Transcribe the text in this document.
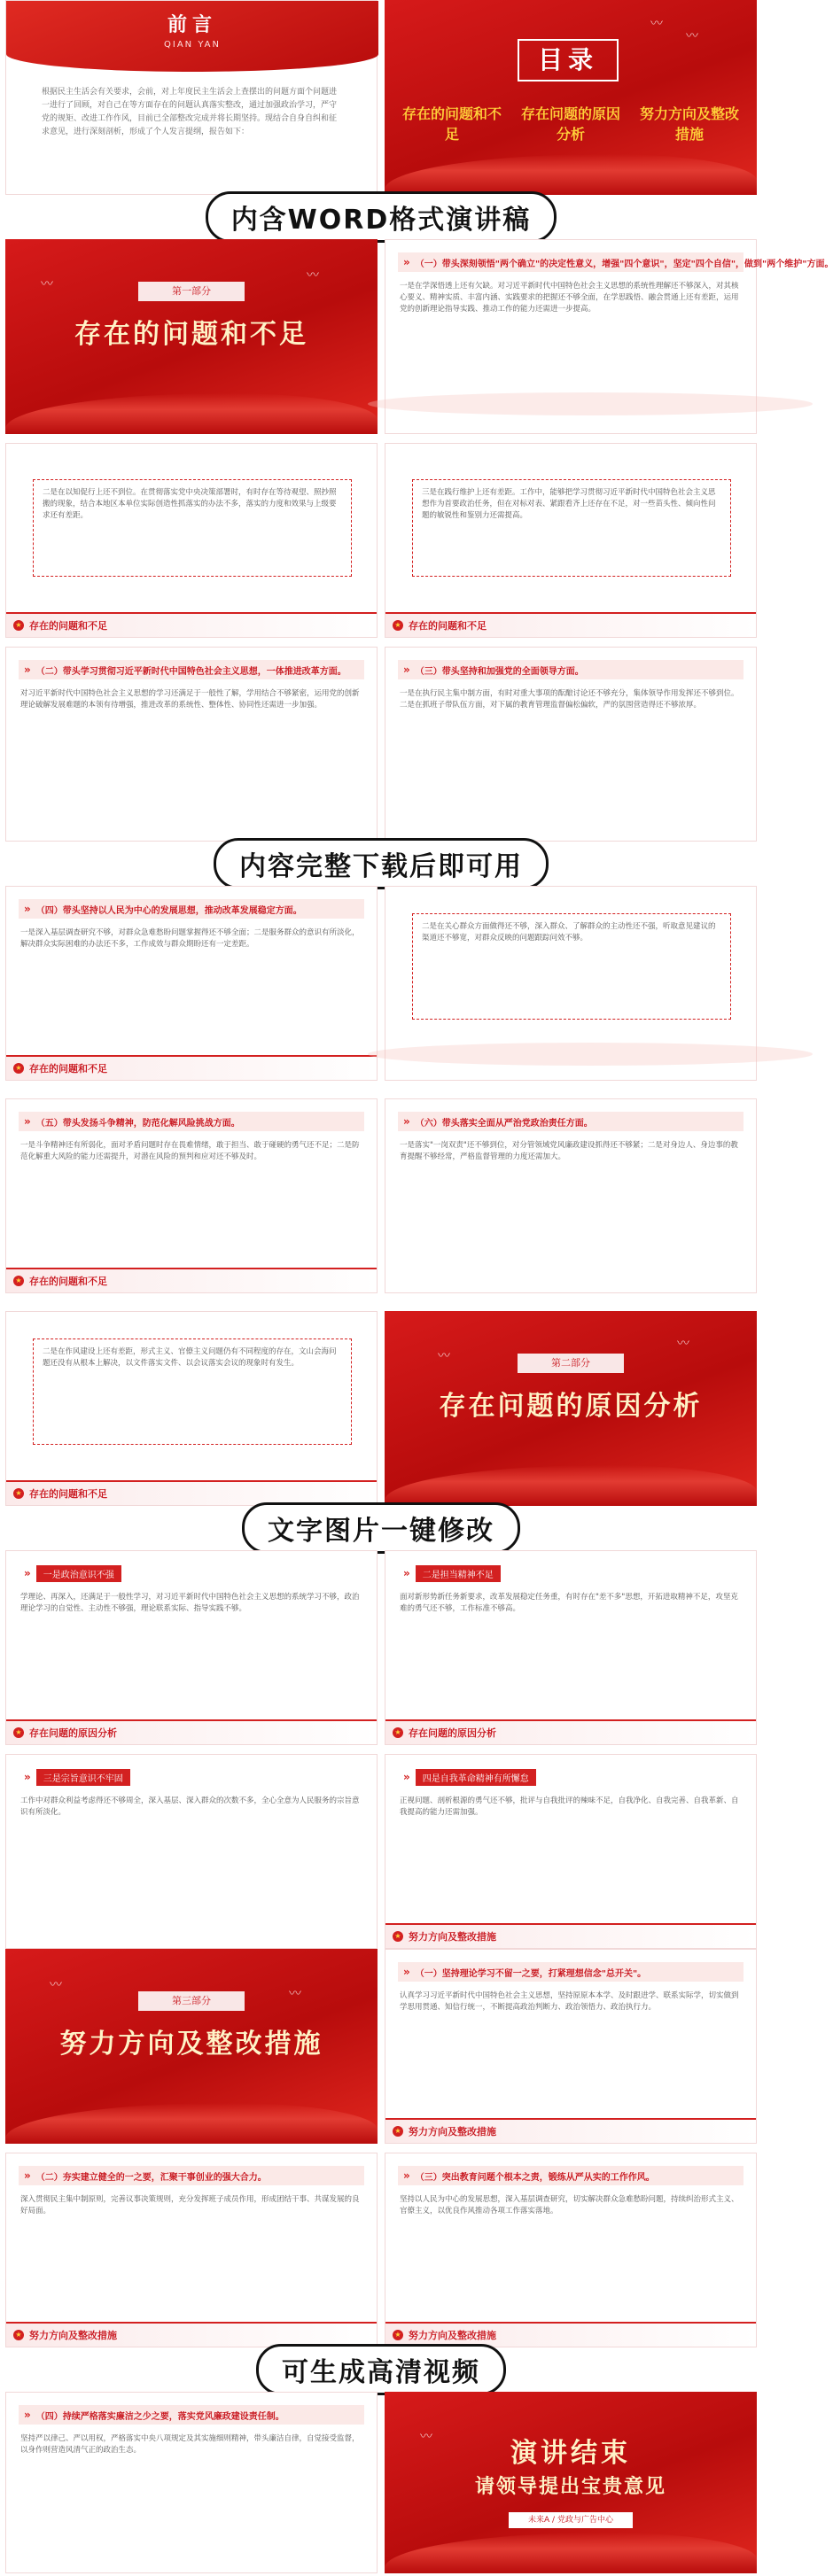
前言
QIAN YAN
根据民主生活会有关要求，会前，对上年度民主生活会上查摆出的问题方面个问题进一进行了回顾，对自己在等方面存在的问题认真落实整改，通过加强政治学习，严守党的规矩、改进工作作风，目前已全部整改完成并将长期坚持。现结合自身自纠和征求意见，进行深刻剖析，形成了个人发言提纲，报告如下：
〰
〰
目录
存在的问题和不足
存在问题的原因分析
努力方向及整改措施
内含WORD格式演讲稿
〰
〰
第一部分
存在的问题和不足
» （一）带头深刻领悟"两个确立"的决定性意义，增强"四个意识"，坚定"四个自信"，做到"两个维护"方面。
一是在学深悟透上还有欠缺。对习近平新时代中国特色社会主义思想的系统性理解还不够深入，对其核心要义、精神实质、丰富内涵、实践要求的把握还不够全面，在学思践悟、融会贯通上还有差距，运用党的创新理论指导实践、推动工作的能力还需进一步提高。
二是在以知促行上还不到位。在贯彻落实党中央决策部署时，有时存在等待观望、照抄照搬的现象，结合本地区本单位实际创造性抓落实的办法不多，落实的力度和效果与上级要求还有差距。
★ 存在的问题和不足
三是在践行维护上还有差距。工作中，能够把学习贯彻习近平新时代中国特色社会主义思想作为首要政治任务，但在对标对表、紧跟看齐上还存在不足，对一些苗头性、倾向性问题的敏锐性和鉴别力还需提高。
★ 存在的问题和不足
» （二）带头学习贯彻习近平新时代中国特色社会主义思想，一体推进改革方面。
对习近平新时代中国特色社会主义思想的学习还满足于一般性了解，学用结合不够紧密，运用党的创新理论破解发展难题的本领有待增强，推进改革的系统性、整体性、协同性还需进一步加强。
» （三）带头坚持和加强党的全面领导方面。
一是在执行民主集中制方面，有时对重大事项的酝酿讨论还不够充分，集体领导作用发挥还不够到位。二是在抓班子带队伍方面，对下属的教育管理监督偏松偏软，严的氛围营造得还不够浓厚。
内容完整下载后即可用
» （四）带头坚持以人民为中心的发展思想，推动改革发展稳定方面。
一是深入基层调查研究不够，对群众急难愁盼问题掌握得还不够全面；二是服务群众的意识有所淡化，解决群众实际困难的办法还不多，工作成效与群众期盼还有一定差距。
★ 存在的问题和不足
二是在关心群众方面做得还不够，深入群众、了解群众的主动性还不强，听取意见建议的渠道还不够宽，对群众反映的问题跟踪问效不够。
» （五）带头发扬斗争精神，防范化解风险挑战方面。
一是斗争精神还有所弱化，面对矛盾问题时存在畏难情绪，敢于担当、敢于碰硬的勇气还不足；二是防范化解重大风险的能力还需提升，对潜在风险的预判和应对还不够及时。
★ 存在的问题和不足
» （六）带头落实全面从严治党政治责任方面。
一是落实"一岗双责"还不够到位，对分管领域党风廉政建设抓得还不够紧；二是对身边人、身边事的教育提醒不够经常，严格监督管理的力度还需加大。
二是在作风建设上还有差距，形式主义、官僚主义问题仍有不同程度的存在，文山会海问题还没有从根本上解决，以文件落实文件、以会议落实会议的现象时有发生。
★ 存在的问题和不足
〰
〰
第二部分
存在问题的原因分析
文字图片一键修改
»	一是政治意识不强
学理论、再深入，还满足于一般性学习，对习近平新时代中国特色社会主义思想的系统学习不够，政治理论学习的自觉性、主动性不够强，理论联系实际、指导实践不够。
★ 存在问题的原因分析
»	二是担当精神不足
面对新形势新任务新要求，改革发展稳定任务重，有时存在"差不多"思想，开拓进取精神不足，攻坚克难的勇气还不够，工作标准不够高。
★ 存在问题的原因分析
»	三是宗旨意识不牢固
工作中对群众利益考虑得还不够周全，深入基层、深入群众的次数不多，全心全意为人民服务的宗旨意识有所淡化。
»	四是自我革命精神有所懈怠
正视问题、剖析根源的勇气还不够，批评与自我批评的辣味不足，自我净化、自我完善、自我革新、自我提高的能力还需加强。
★ 努力方向及整改措施
〰
〰
第三部分
努力方向及整改措施
» （一）坚持理论学习不留一之要，打紧理想信念"总开关"。
认真学习习近平新时代中国特色社会主义思想，坚持原原本本学、及时跟进学、联系实际学，切实做到学思用贯通、知信行统一，不断提高政治判断力、政治领悟力、政治执行力。
★ 努力方向及整改措施
» （二）夯实建立健全的一之要，汇聚干事创业的强大合力。
深入贯彻民主集中制原则，完善议事决策规则，充分发挥班子成员作用，形成团结干事、共谋发展的良好局面。
★ 努力方向及整改措施
» （三）突出教育问题个根本之责，锻练从严从实的工作作风。
坚持以人民为中心的发展思想，深入基层调查研究，切实解决群众急难愁盼问题，持续纠治形式主义、官僚主义，以优良作风推动各项工作落实落地。
★ 努力方向及整改措施
可生成高清视频
» （四）持续严格落实廉洁之少之要，落实党风廉政建设责任制。
坚持严以律己、严以用权，严格落实中央八项规定及其实施细则精神，带头廉洁自律，自觉接受监督，以身作则营造风清气正的政治生态。
〰
演讲结束
请领导提出宝贵意见
未来A / 党政与广告中心
